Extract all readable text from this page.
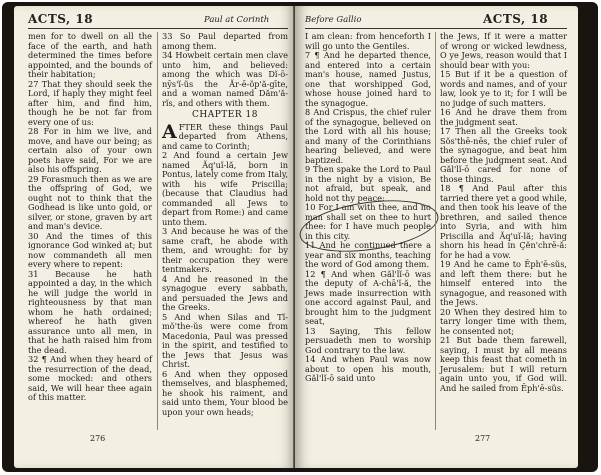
ACTS, 18	Paul at Corinth

men for to dwell on all the face of the earth, and hath determined the times before appointed, and the bounds of their habitation;

27 That they should seek the Lord, if haply they might feel after him, and find him, though he be not far from every one of us:

28 For in him we live, and move, and have our being; as certain also of your own poets have said, For we are also his offspring.

29 Forasmuch then as we are the offspring of God, we ought not to think that the Godhead is like unto gold, or silver, or stone, graven by art and man's device.

30 And the times of this ignorance God winked at; but now commandeth all men every where to repent:

31 Because he hath appointed a day, in the which he will judge the world in righteousness by that man whom he hath ordained; whereof he hath given assurance unto all men, in that he hath raised him from the dead.

32 ¶ And when they heard of the resurrection of the dead, some mocked: and others said, We will hear thee again of this matter.

33 So Paul departed from among them.

34 Howbeit certain men clave unto him, and believed: among the which was Dĭ-ō-nȳs'ĭ-ŭs the Ăr-ē-ŏp'ă-gīte, and a woman named Dăm'ă-rĭs, and others with them.

CHAPTER 18

AFTER these things Paul departed from Athens, and came to Corinth;

2 And found a certain Jew named Ăq'uĭ-lă, born in Pontus, lately come from Italy, with his wife Priscilla; (because that Claudius had commanded all Jews to depart from Rome:) and came unto them.

3 And because he was of the same craft, he abode with them, and wrought: for by their occupation they were tentmakers.

4 And he reasoned in the synagogue every sabbath, and persuaded the Jews and the Greeks.

5 And when Silas and Tĭ-mŏ'the-ŭs were come from Macedonia, Paul was pressed in the spirit, and testified to the Jews that Jesus was Christ.

6 And when they opposed themselves, and blasphemed, he shook his raiment, and said unto them, Your blood be upon your own heads;

276
Before Gallio	ACTS, 18

I am clean: from henceforth I will go unto the Gentiles.

7 ¶ And he departed thence, and entered into a certain man's house, named Justus, one that worshipped God, whose house joined hard to the synagogue.

8 And Crispus, the chief ruler of the synagogue, believed on the Lord with all his house; and many of the Corinthians hearing believed, and were baptized.

9 Then spake the Lord to Paul in the night by a vision, Be not afraid, but speak, and hold not thy peace:

10 For I am with thee, and no man shall set on thee to hurt thee: for I have much people in this city.

11 And he continued there a year and six months, teaching the word of God among them.

12 ¶ And when Găl'lĭ-ō was the deputy of A-chā'ĭ-ă, the Jews made insurrection with one accord against Paul, and brought him to the judgment seat,

13 Saying, This fellow persuadeth men to worship God contrary to the law.

14 And when Paul was now about to open his mouth, Găl'lĭ-ō said unto

the Jews, If it were a matter of wrong or wicked lewdness, O ye Jews, reason would that I should bear with you:

15 But if it be a question of words and names, and of your law, look ye to it; for I will be no judge of such matters.

16 And he drave them from the judgment seat.

17 Then all the Greeks took Sŏs'thē-nēs, the chief ruler of the synagogue, and beat him before the judgment seat. And Găl'lĭ-ō cared for none of those things.

18 ¶ And Paul after this tarried there yet a good while, and then took his leave of the brethren, and sailed thence into Syria, and with him Priscilla and Ăq'uĭ-lă; having shorn his head in Çĕn'chrē-ă: for he had a vow.

19 And he came to Ĕph'ē-sŭs, and left them there: but he himself entered into the synagogue, and reasoned with the Jews.

20 When they desired him to tarry longer time with them, he consented not;

21 But bade them farewell, saying, I must by all means keep this feast that cometh in Jerusalem: but I will return again unto you, if God will. And he sailed from Ĕph'ē-sŭs.

277
